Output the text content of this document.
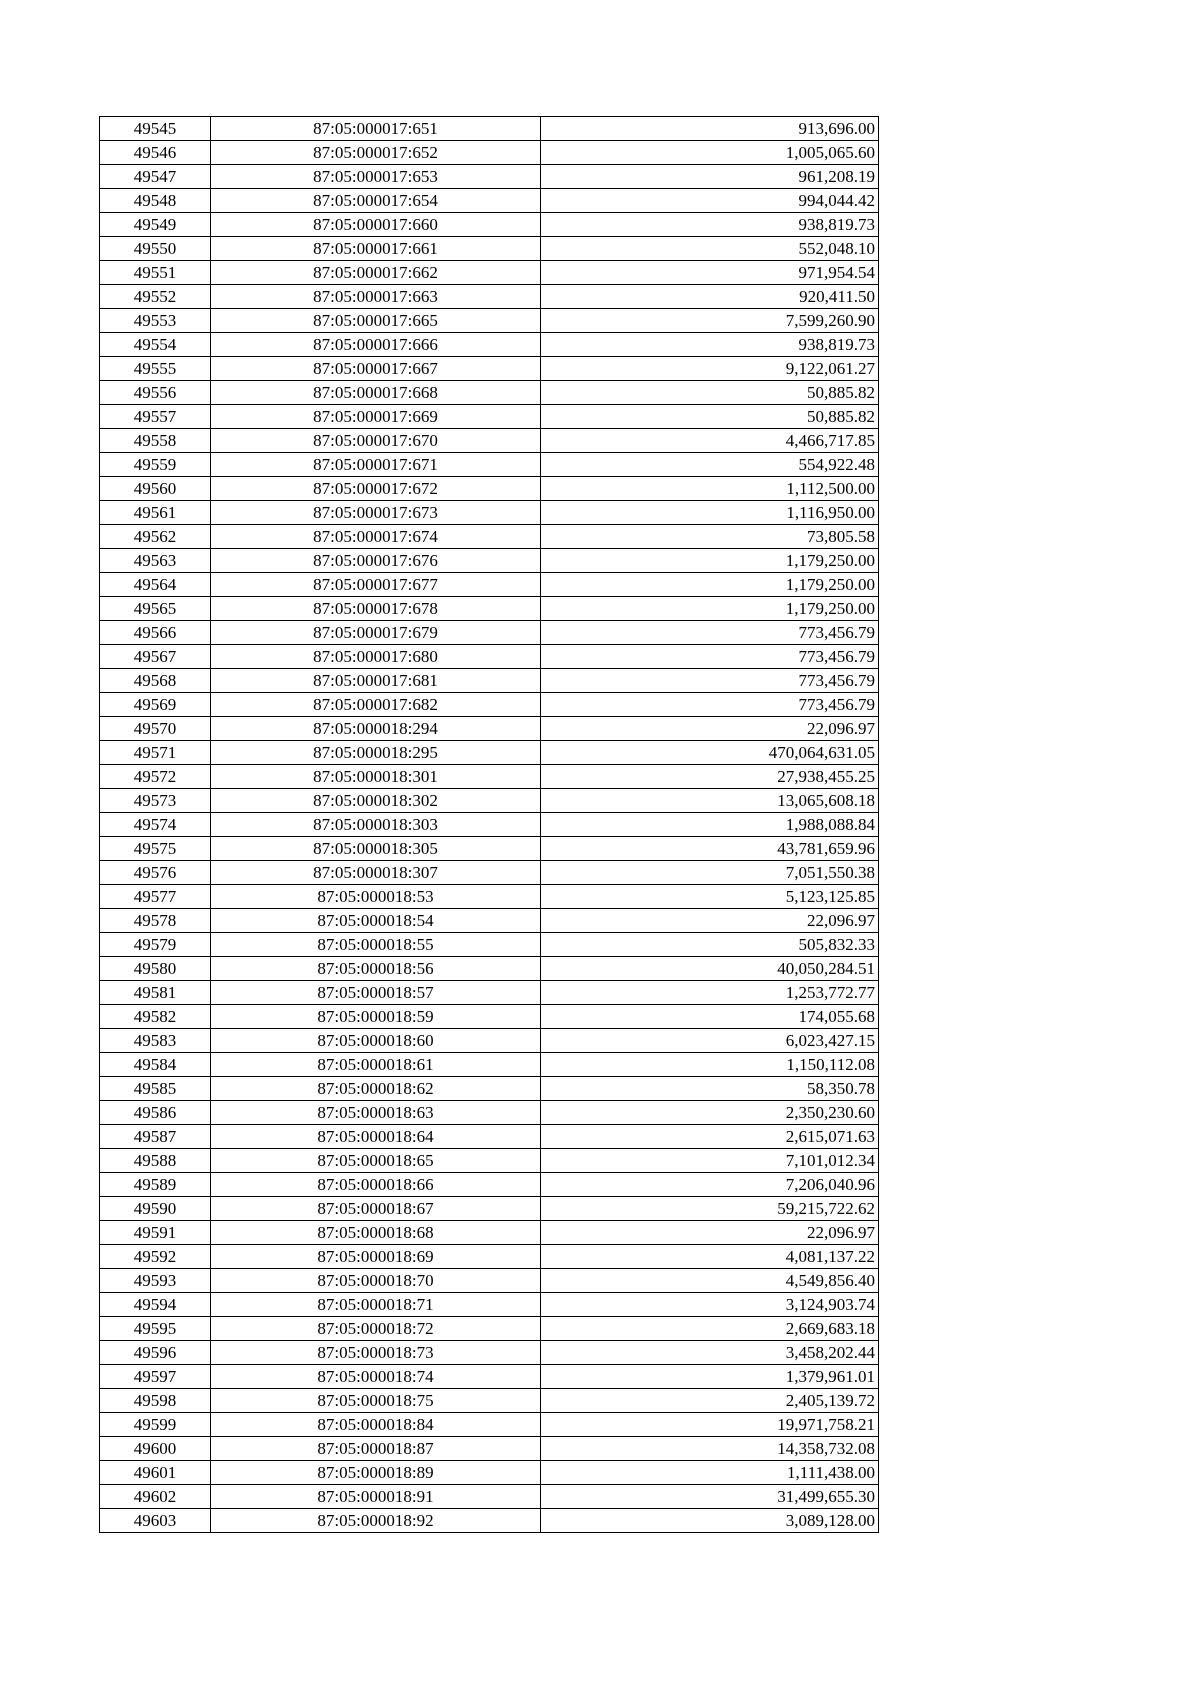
49545	87:05:000017:651	913,696.00
49546	87:05:000017:652	1,005,065.60
49547	87:05:000017:653	961,208.19
49548	87:05:000017:654	994,044.42
49549	87:05:000017:660	938,819.73
49550	87:05:000017:661	552,048.10
49551	87:05:000017:662	971,954.54
49552	87:05:000017:663	920,411.50
49553	87:05:000017:665	7,599,260.90
49554	87:05:000017:666	938,819.73
49555	87:05:000017:667	9,122,061.27
49556	87:05:000017:668	50,885.82
49557	87:05:000017:669	50,885.82
49558	87:05:000017:670	4,466,717.85
49559	87:05:000017:671	554,922.48
49560	87:05:000017:672	1,112,500.00
49561	87:05:000017:673	1,116,950.00
49562	87:05:000017:674	73,805.58
49563	87:05:000017:676	1,179,250.00
49564	87:05:000017:677	1,179,250.00
49565	87:05:000017:678	1,179,250.00
49566	87:05:000017:679	773,456.79
49567	87:05:000017:680	773,456.79
49568	87:05:000017:681	773,456.79
49569	87:05:000017:682	773,456.79
49570	87:05:000018:294	22,096.97
49571	87:05:000018:295	470,064,631.05
49572	87:05:000018:301	27,938,455.25
49573	87:05:000018:302	13,065,608.18
49574	87:05:000018:303	1,988,088.84
49575	87:05:000018:305	43,781,659.96
49576	87:05:000018:307	7,051,550.38
49577	87:05:000018:53	5,123,125.85
49578	87:05:000018:54	22,096.97
49579	87:05:000018:55	505,832.33
49580	87:05:000018:56	40,050,284.51
49581	87:05:000018:57	1,253,772.77
49582	87:05:000018:59	174,055.68
49583	87:05:000018:60	6,023,427.15
49584	87:05:000018:61	1,150,112.08
49585	87:05:000018:62	58,350.78
49586	87:05:000018:63	2,350,230.60
49587	87:05:000018:64	2,615,071.63
49588	87:05:000018:65	7,101,012.34
49589	87:05:000018:66	7,206,040.96
49590	87:05:000018:67	59,215,722.62
49591	87:05:000018:68	22,096.97
49592	87:05:000018:69	4,081,137.22
49593	87:05:000018:70	4,549,856.40
49594	87:05:000018:71	3,124,903.74
49595	87:05:000018:72	2,669,683.18
49596	87:05:000018:73	3,458,202.44
49597	87:05:000018:74	1,379,961.01
49598	87:05:000018:75	2,405,139.72
49599	87:05:000018:84	19,971,758.21
49600	87:05:000018:87	14,358,732.08
49601	87:05:000018:89	1,111,438.00
49602	87:05:000018:91	31,499,655.30
49603	87:05:000018:92	3,089,128.00
